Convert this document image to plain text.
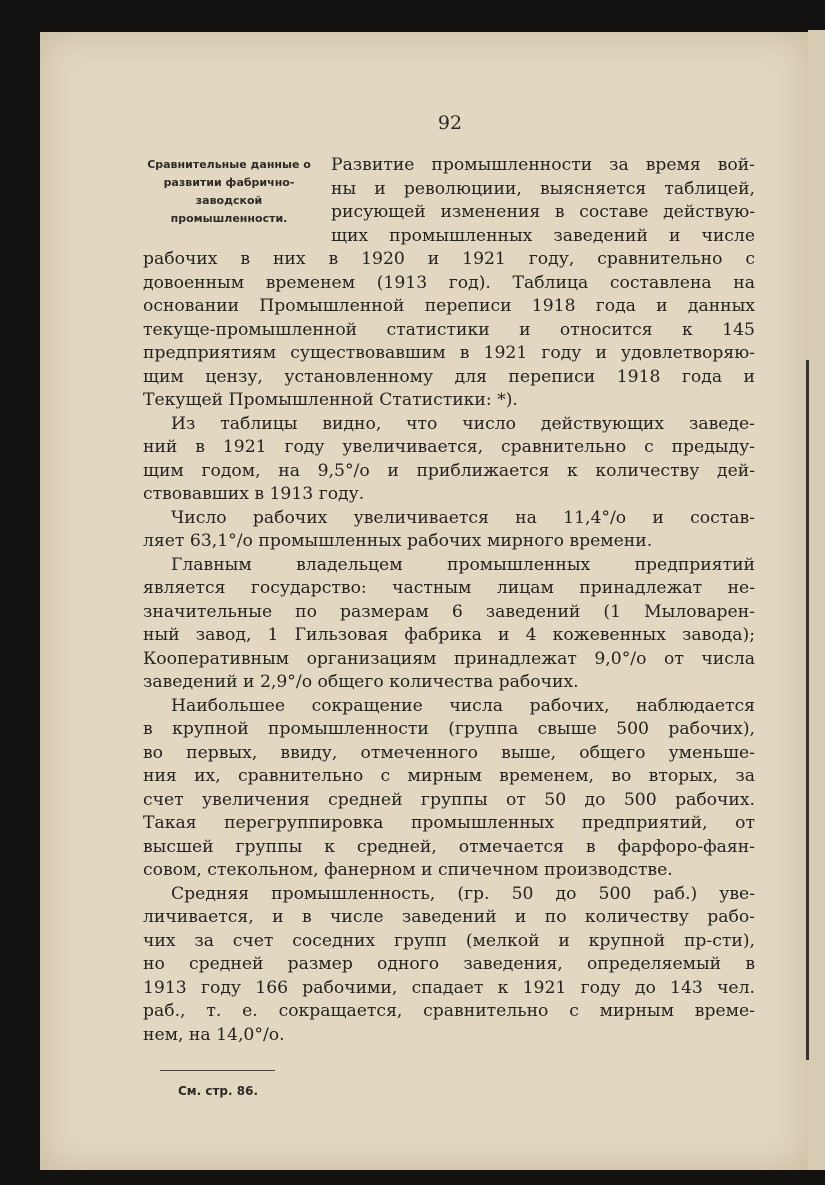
92
Сравнительные данные о развитии фабрично-заводской промышленности.
Развитие промышленности за время вой-
ны и революциии, выясняется таблицей,
рисующей изменения в составе действую-
щих промышленных заведений и числе
рабочих в них в 1920 и 1921 году, сравнительно с
довоенным временем (1913 год). Таблица составлена на
основании Промышленной переписи 1918 года и данных
текуще-промышленной статистики и относится к 145
предприятиям существовавшим в 1921 году и удовлетворяю-
щим цензу, установленному для переписи 1918 года и
Текущей Промышленной Статистики: *).
Из таблицы видно, что число действующих заведе-
ний в 1921 году увеличивается, сравнительно с предыду-
щим годом, на 9,5°/о и приближается к количеству дей-
ствовавших в 1913 году.
Число рабочих увеличивается на 11,4°/о и состав-
ляет 63,1°/о промышленных рабочих мирного времени.
Главным владельцем промышленных предприятий
является государство: частным лицам принадлежат не-
значительные по размерам 6 заведений (1 Мыловарен-
ный завод, 1 Гильзовая фабрика и 4 кожевенных завода);
Кооперативным организациям принадлежат 9,0°/о от числа
заведений и 2,9°/о общего количества рабочих.
Наибольшее сокращение числа рабочих, наблюдается
в крупной промышленности (группа свыше 500 рабочих),
во первых, ввиду, отмеченного выше, общего уменьше-
ния их, сравнительно с мирным временем, во вторых, за
счет увеличения средней группы от 50 до 500 рабочих.
Такая перегруппировка промышленных предприятий, от
высшей группы к средней, отмечается в фарфоро-фаян-
совом, стекольном, фанерном и спичечном производстве.
Средняя промышленность, (гр. 50 до 500 раб.) уве-
личивается, и в числе заведений и по количеству рабо-
чих за счет соседних групп (мелкой и крупной пр-сти),
но средней размер одного заведения, определяемый в
1913 году 166 рабочими, спадает к 1921 году до 143 чел.
раб., т. е. сокращается, сравнительно с мирным време-
нем, на 14,0°/о.
См. стр. 86.
